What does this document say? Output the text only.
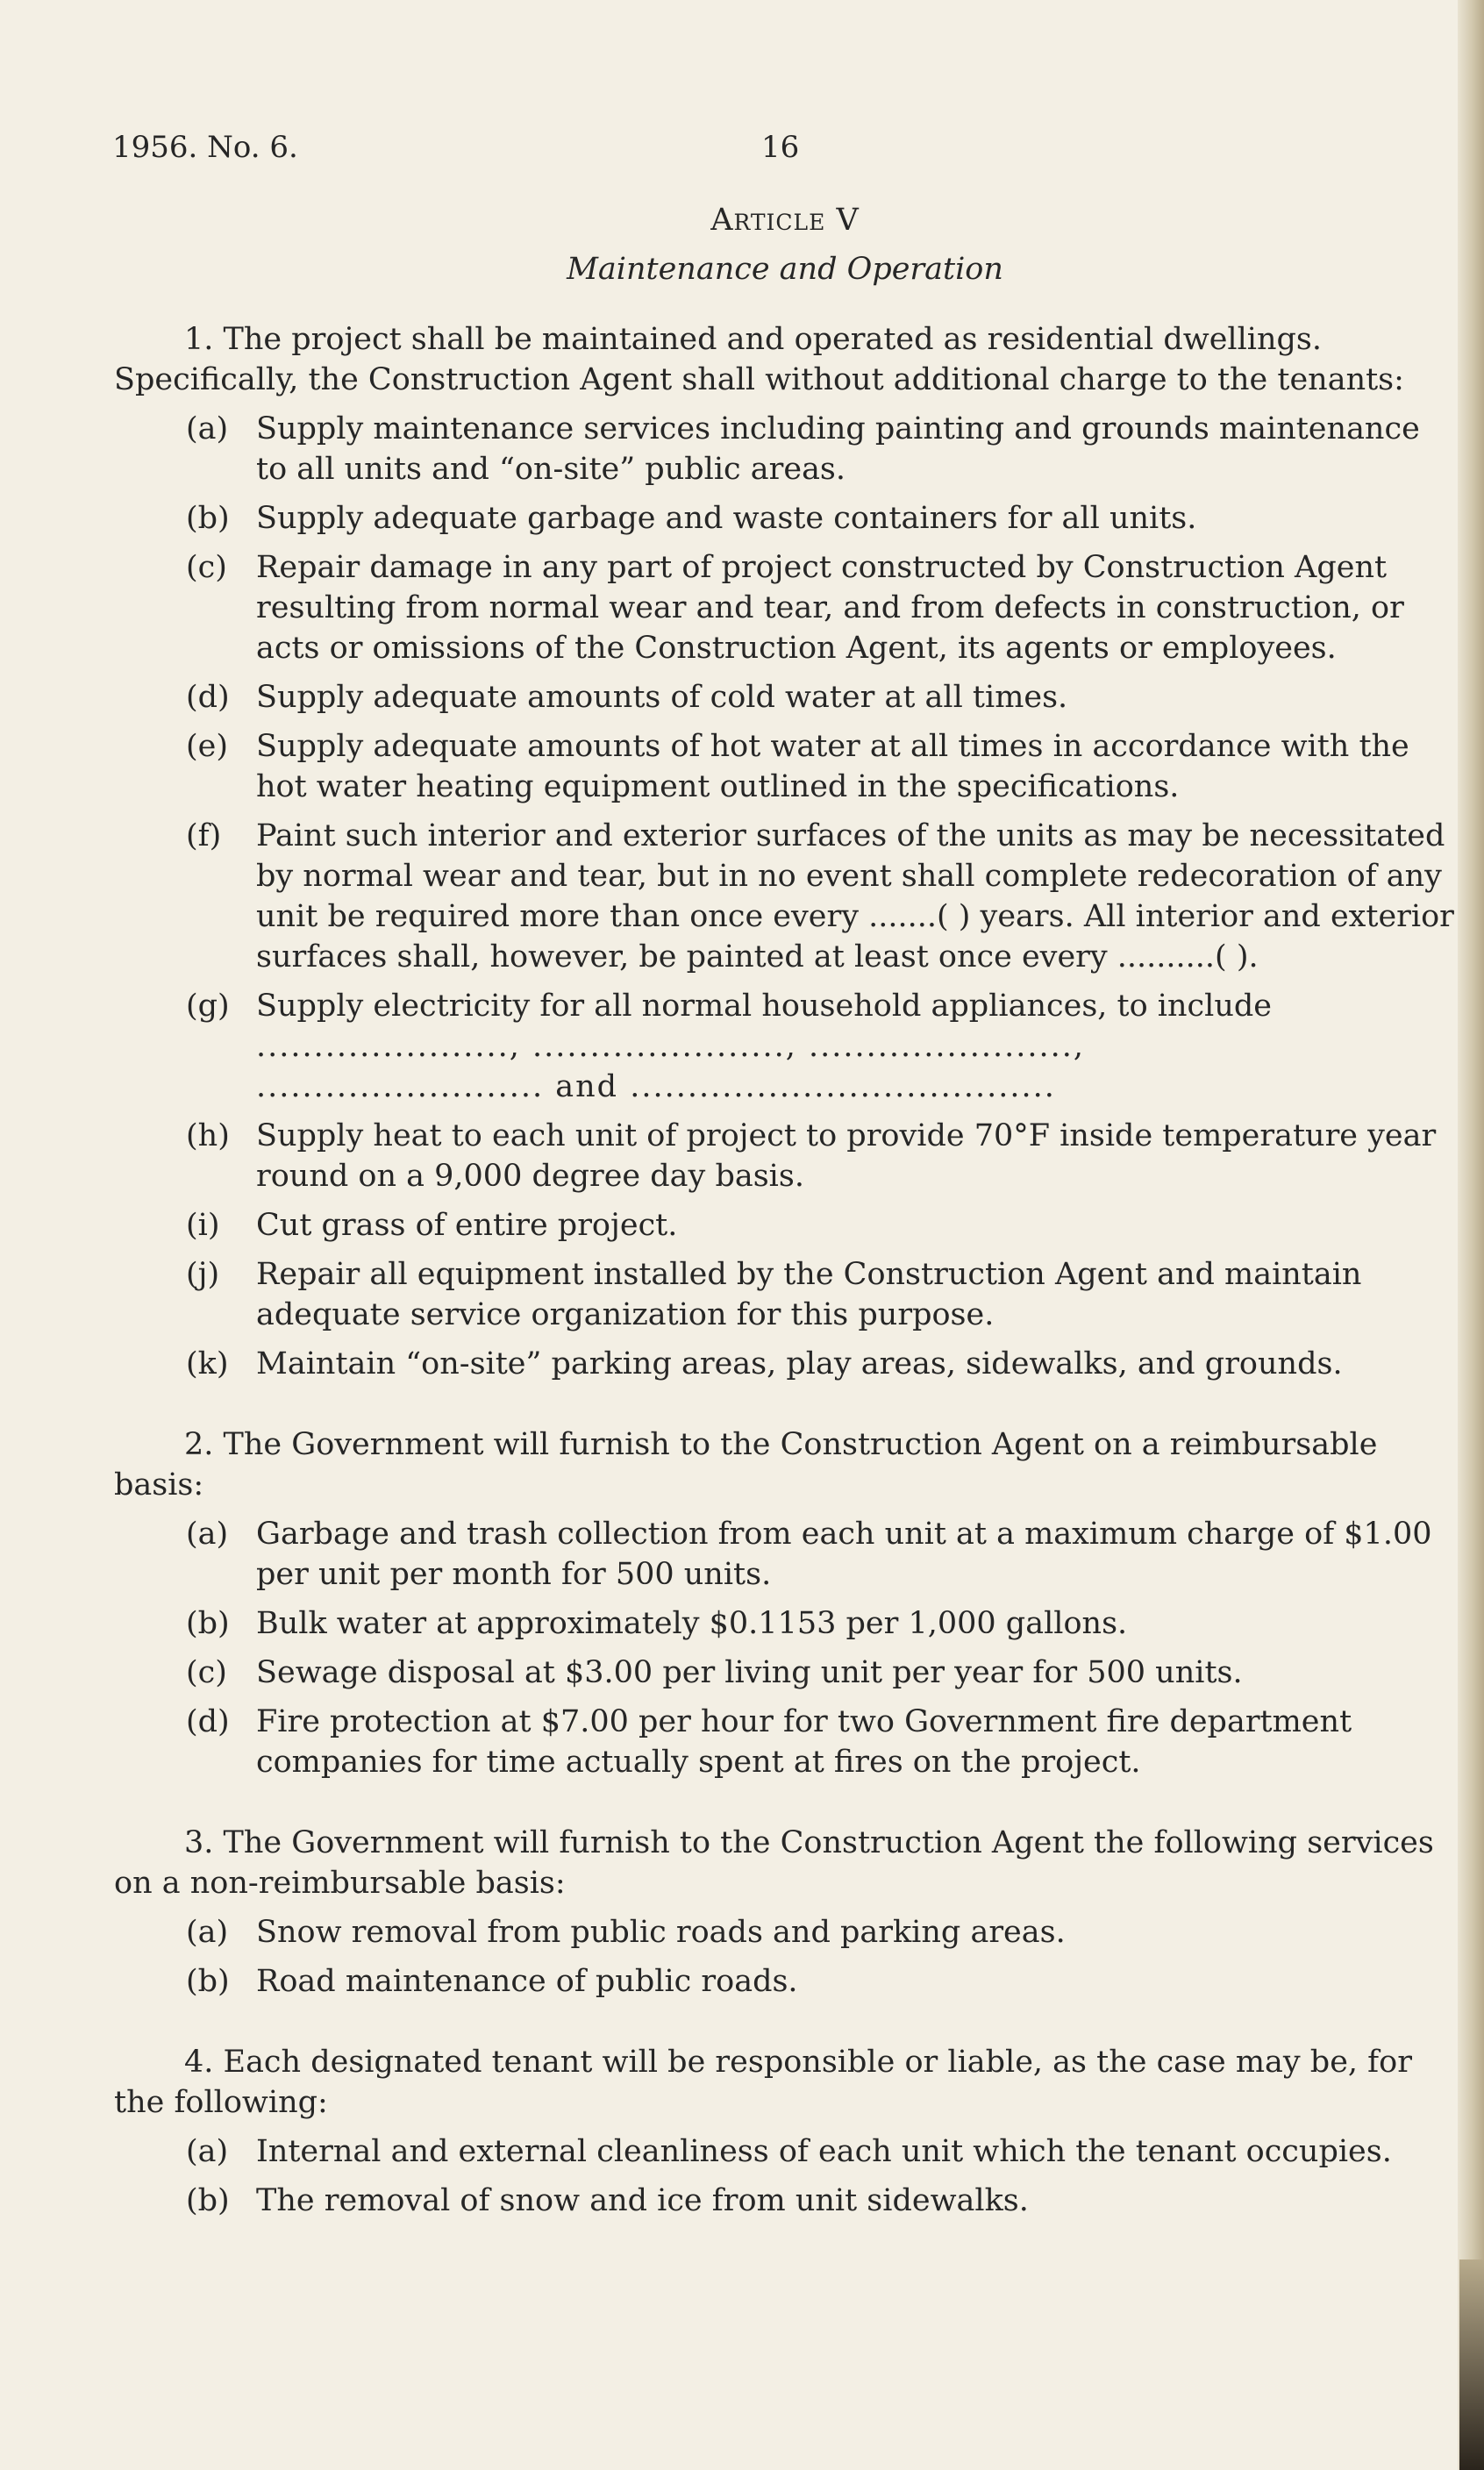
1956. No. 6.	16
Article V
Maintenance and Operation

1. The project shall be maintained and operated as residential dwellings. Specifically, the Construction Agent shall without additional charge to the tenants:

(a) Supply maintenance services including painting and grounds maintenance to all units and “on-site” public areas.
(b) Supply adequate garbage and waste containers for all units.
(c) Repair damage in any part of project constructed by Construction Agent resulting from normal wear and tear, and from defects in construction, or acts or omissions of the Construction Agent, its agents or employees.
(d) Supply adequate amounts of cold water at all times.
(e) Supply adequate amounts of hot water at all times in accordance with the hot water heating equipment outlined in the specifications.
(f) Paint such interior and exterior surfaces of the units as may be necessitated by normal wear and tear, but in no event shall complete redecoration of any unit be required more than once every .......( ) years. All interior and exterior surfaces shall, however, be painted at least once every ..........( ).
(g) Supply electricity for all normal household appliances, to include
......................, ......................, .......................,
......................... and .....................................
(h) Supply heat to each unit of project to provide 70°F inside temperature year round on a 9,000 degree day basis.
(i) Cut grass of entire project.
(j) Repair all equipment installed by the Construction Agent and maintain adequate service organization for this purpose.
(k) Maintain “on-site” parking areas, play areas, sidewalks, and grounds.

2. The Government will furnish to the Construction Agent on a reimbursable basis:

(a) Garbage and trash collection from each unit at a maximum charge of $1.00 per unit per month for 500 units.
(b) Bulk water at approximately $0.1153 per 1,000 gallons.
(c) Sewage disposal at $3.00 per living unit per year for 500 units.
(d) Fire protection at $7.00 per hour for two Government fire department companies for time actually spent at fires on the project.

3. The Government will furnish to the Construction Agent the following services on a non-reimbursable basis:

(a) Snow removal from public roads and parking areas.
(b) Road maintenance of public roads.

4. Each designated tenant will be responsible or liable, as the case may be, for the following:

(a) Internal and external cleanliness of each unit which the tenant occupies.
(b) The removal of snow and ice from unit sidewalks.
